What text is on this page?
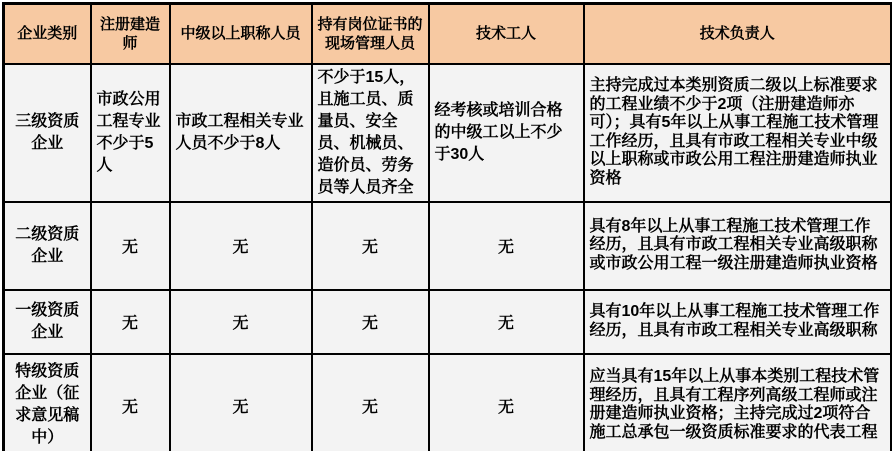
企业类别	注册建造师	中级以上职称人员	持有岗位证书的现场管理人员	技术工人	技术负责人
三级资质企业	市政公用工程专业不少于5人	市政工程相关专业人员不少于8人	不少于15人，且施工员、质量员、安全员、机械员、造价员、劳务员等人员齐全	经考核或培训合格的中级工以上不少于30人	主持完成过本类别资质二级以上标准要求的工程业绩不少于2项（注册建造师亦可）；具有5年以上从事工程施工技术管理工作经历，且具有市政工程相关专业中级以上职称或市政公用工程注册建造师执业资格
二级资质企业	无	无	无	无	具有8年以上从事工程施工技术管理工作经历，且具有市政工程相关专业高级职称或市政公用工程一级注册建造师执业资格
一级资质企业	无	无	无	无	具有10年以上从事工程施工技术管理工作经历，且具有市政工程相关专业高级职称
特级资质企业（征求意见稿中）	无	无	无	无	应当具有15年以上从事本类别工程技术管理经历，且具有工程序列高级工程师或注册建造师执业资格；主持完成过2项符合施工总承包一级资质标准要求的代表工程
